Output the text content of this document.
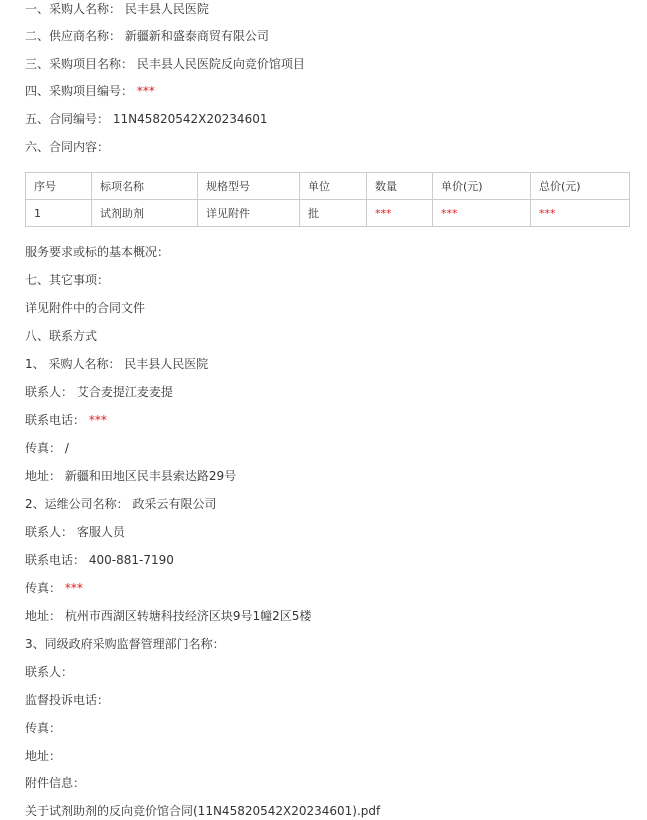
一、采购人名称： 民丰县人民医院
二、供应商名称： 新疆新和盛泰商贸有限公司
三、采购项目名称： 民丰县人民医院反向竞价馆项目
四、采购项目编号： ***
五、合同编号： 11N45820542X20234601
六、合同内容：
序号	标项名称	规格型号	单位	数量	单价(元)	总价(元)
1	试剂助剂	详见附件	批	***	***	***
服务要求或标的基本概况：
七、其它事项：
详见附件中的合同文件
八、联系方式
1、 采购人名称： 民丰县人民医院
联系人： 艾合麦提江麦麦提
联系电话： ***
传真： /
地址： 新疆和田地区民丰县索达路29号
2、运维公司名称： 政采云有限公司
联系人： 客服人员
联系电话： 400-881-7190
传真： ***
地址： 杭州市西湖区转塘科技经济区块9号1幢2区5楼
3、同级政府采购监督管理部门名称：
联系人：
监督投诉电话：
传真：
地址：
附件信息：
关于试剂助剂的反向竞价馆合同(11N45820542X20234601).pdf
